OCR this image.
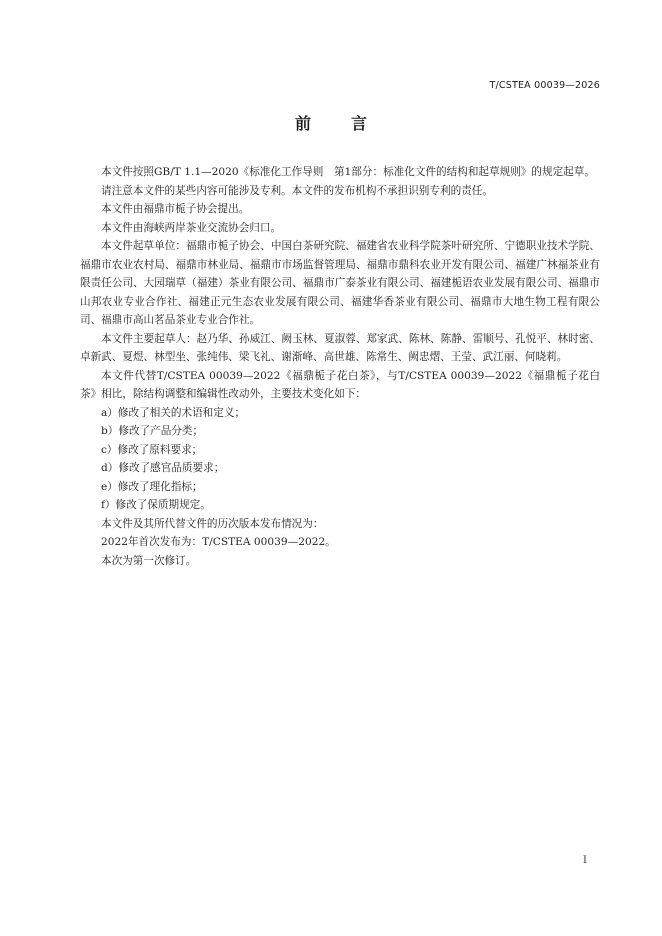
T/CSTEA 00039—2026
前言

本文件按照GB/T 1.1—2020《标准化工作导则　第1部分：标准化文件的结构和起草规则》的规定起草。

请注意本文件的某些内容可能涉及专利。本文件的发布机构不承担识别专利的责任。

本文件由福鼎市栀子协会提出。

本文件由海峡两岸茶业交流协会归口。

本文件起草单位：福鼎市栀子协会、中国白茶研究院、福建省农业科学院茶叶研究所、宁德职业技术学院、福鼎市农业农村局、福鼎市林业局、福鼎市市场监督管理局、福鼎市鼎科农业开发有限公司、福建广林福茶业有限责任公司、大园瑞草（福建）茶业有限公司、福鼎市广泰茶业有限公司、福建栀语农业发展有限公司、福鼎市山邦农业专业合作社、福建正元生态农业发展有限公司、福建华香茶业有限公司、福鼎市大地生物工程有限公司、福鼎市高山茗品茶业专业合作社。

本文件主要起草人：赵乃华、孙威江、阙玉林、夏淑蓉、郑家武、陈林、陈静、雷顺号、孔悦平、林时密、卓新武、夏煜、林型坐、张纯伟、梁飞礼、谢渐峰、高世雄、陈常生、阙忠熠、王莹、武江丽、何晓莉。

本文件代替T/CSTEA 00039—2022《福鼎栀子花白茶》，与T/CSTEA 00039—2022《福鼎栀子花白茶》相比，除结构调整和编辑性改动外，主要技术变化如下：

a）修改了相关的术语和定义；

b）修改了产品分类；

c）修改了原料要求；

d）修改了感官品质要求；

e）修改了理化指标；

f）修改了保质期规定。

本文件及其所代替文件的历次版本发布情况为：

2022年首次发布为：T/CSTEA 00039—2022。

本次为第一次修订。

I
